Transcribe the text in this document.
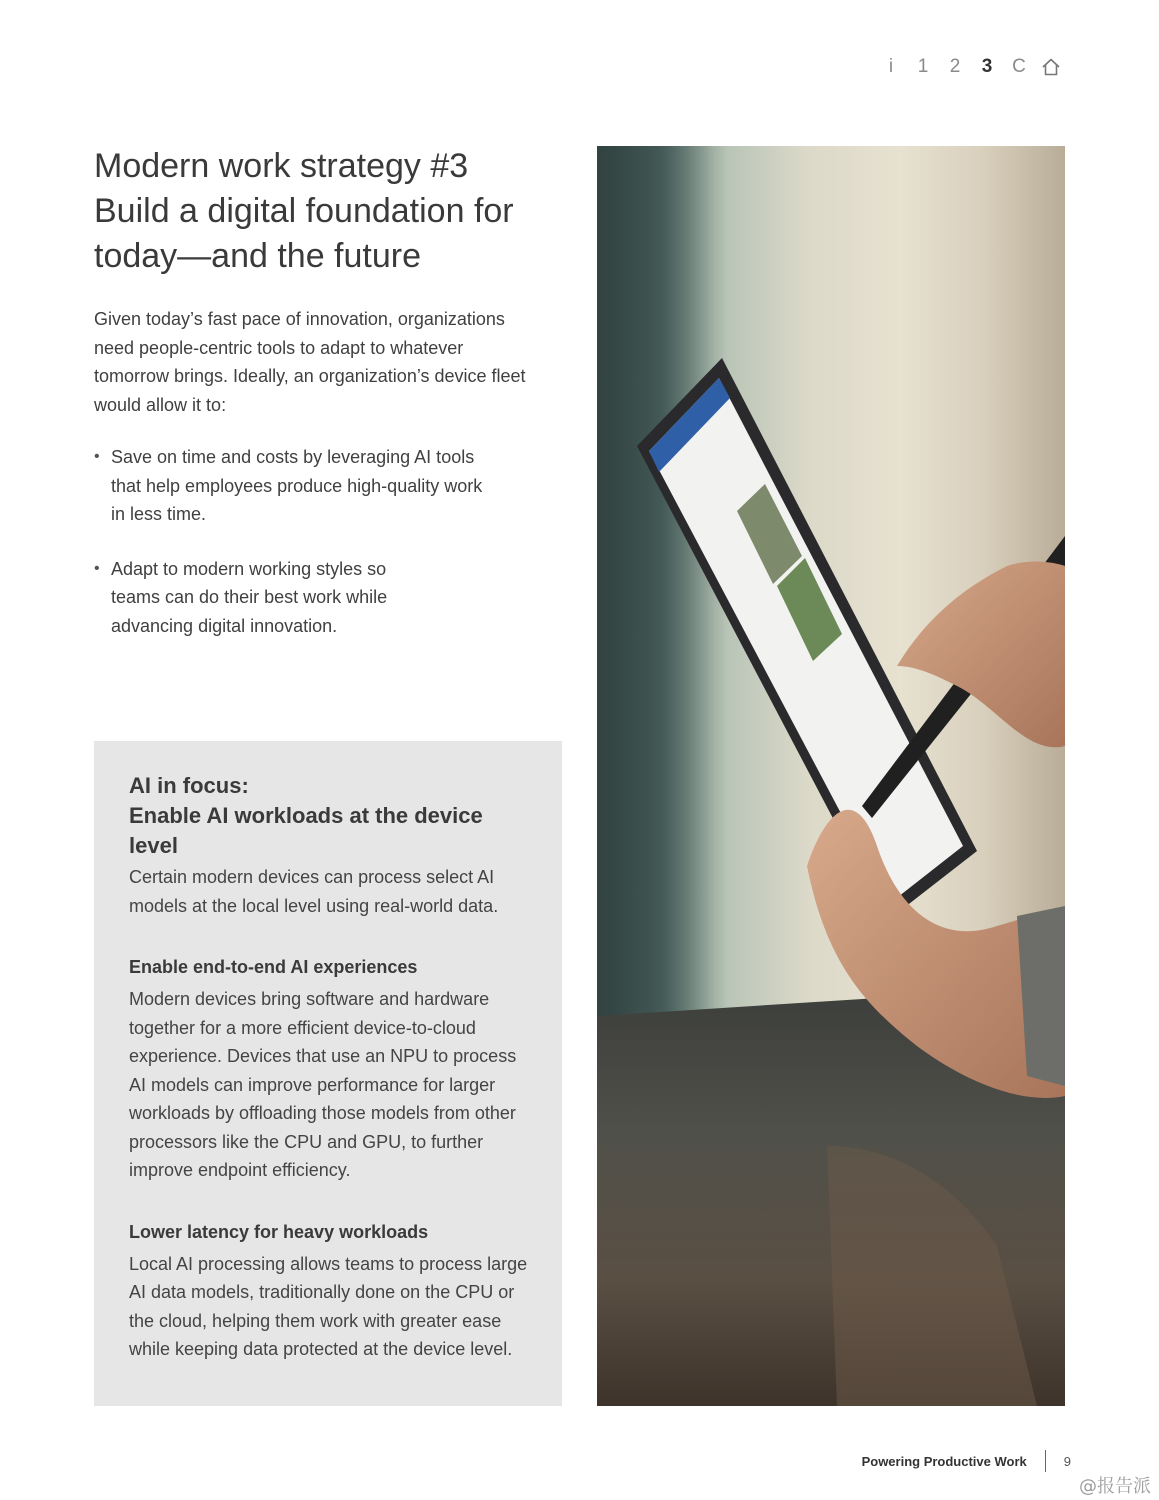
i	1	2	3	C
Modern work strategy #3
Build a digital foundation for
today—and the future

Given today’s fast pace of innovation, organizations need people-centric tools to adapt to whatever tomorrow brings. Ideally, an organization’s device fleet would allow it to:

• Save on time and costs by leveraging AI tools that help employees produce high-quality work in less time.
• Adapt to modern working styles so teams can do their best work while advancing digital innovation.
AI in focus:
Enable AI workloads at the device level

Certain modern devices can process select AI models at the local level using real-world data.

Enable end-to-end AI experiences

Modern devices bring software and hardware together for a more efficient device-to-cloud experience. Devices that use an NPU to process AI models can improve performance for larger workloads by offloading those models from other processors like the CPU and GPU, to further improve endpoint efficiency.

Lower latency for heavy workloads

Local AI processing allows teams to process large AI data models, traditionally done on the CPU or the cloud, helping them work with greater ease while keeping data protected at the device level.

Powering Productive Work	9
@报告派
